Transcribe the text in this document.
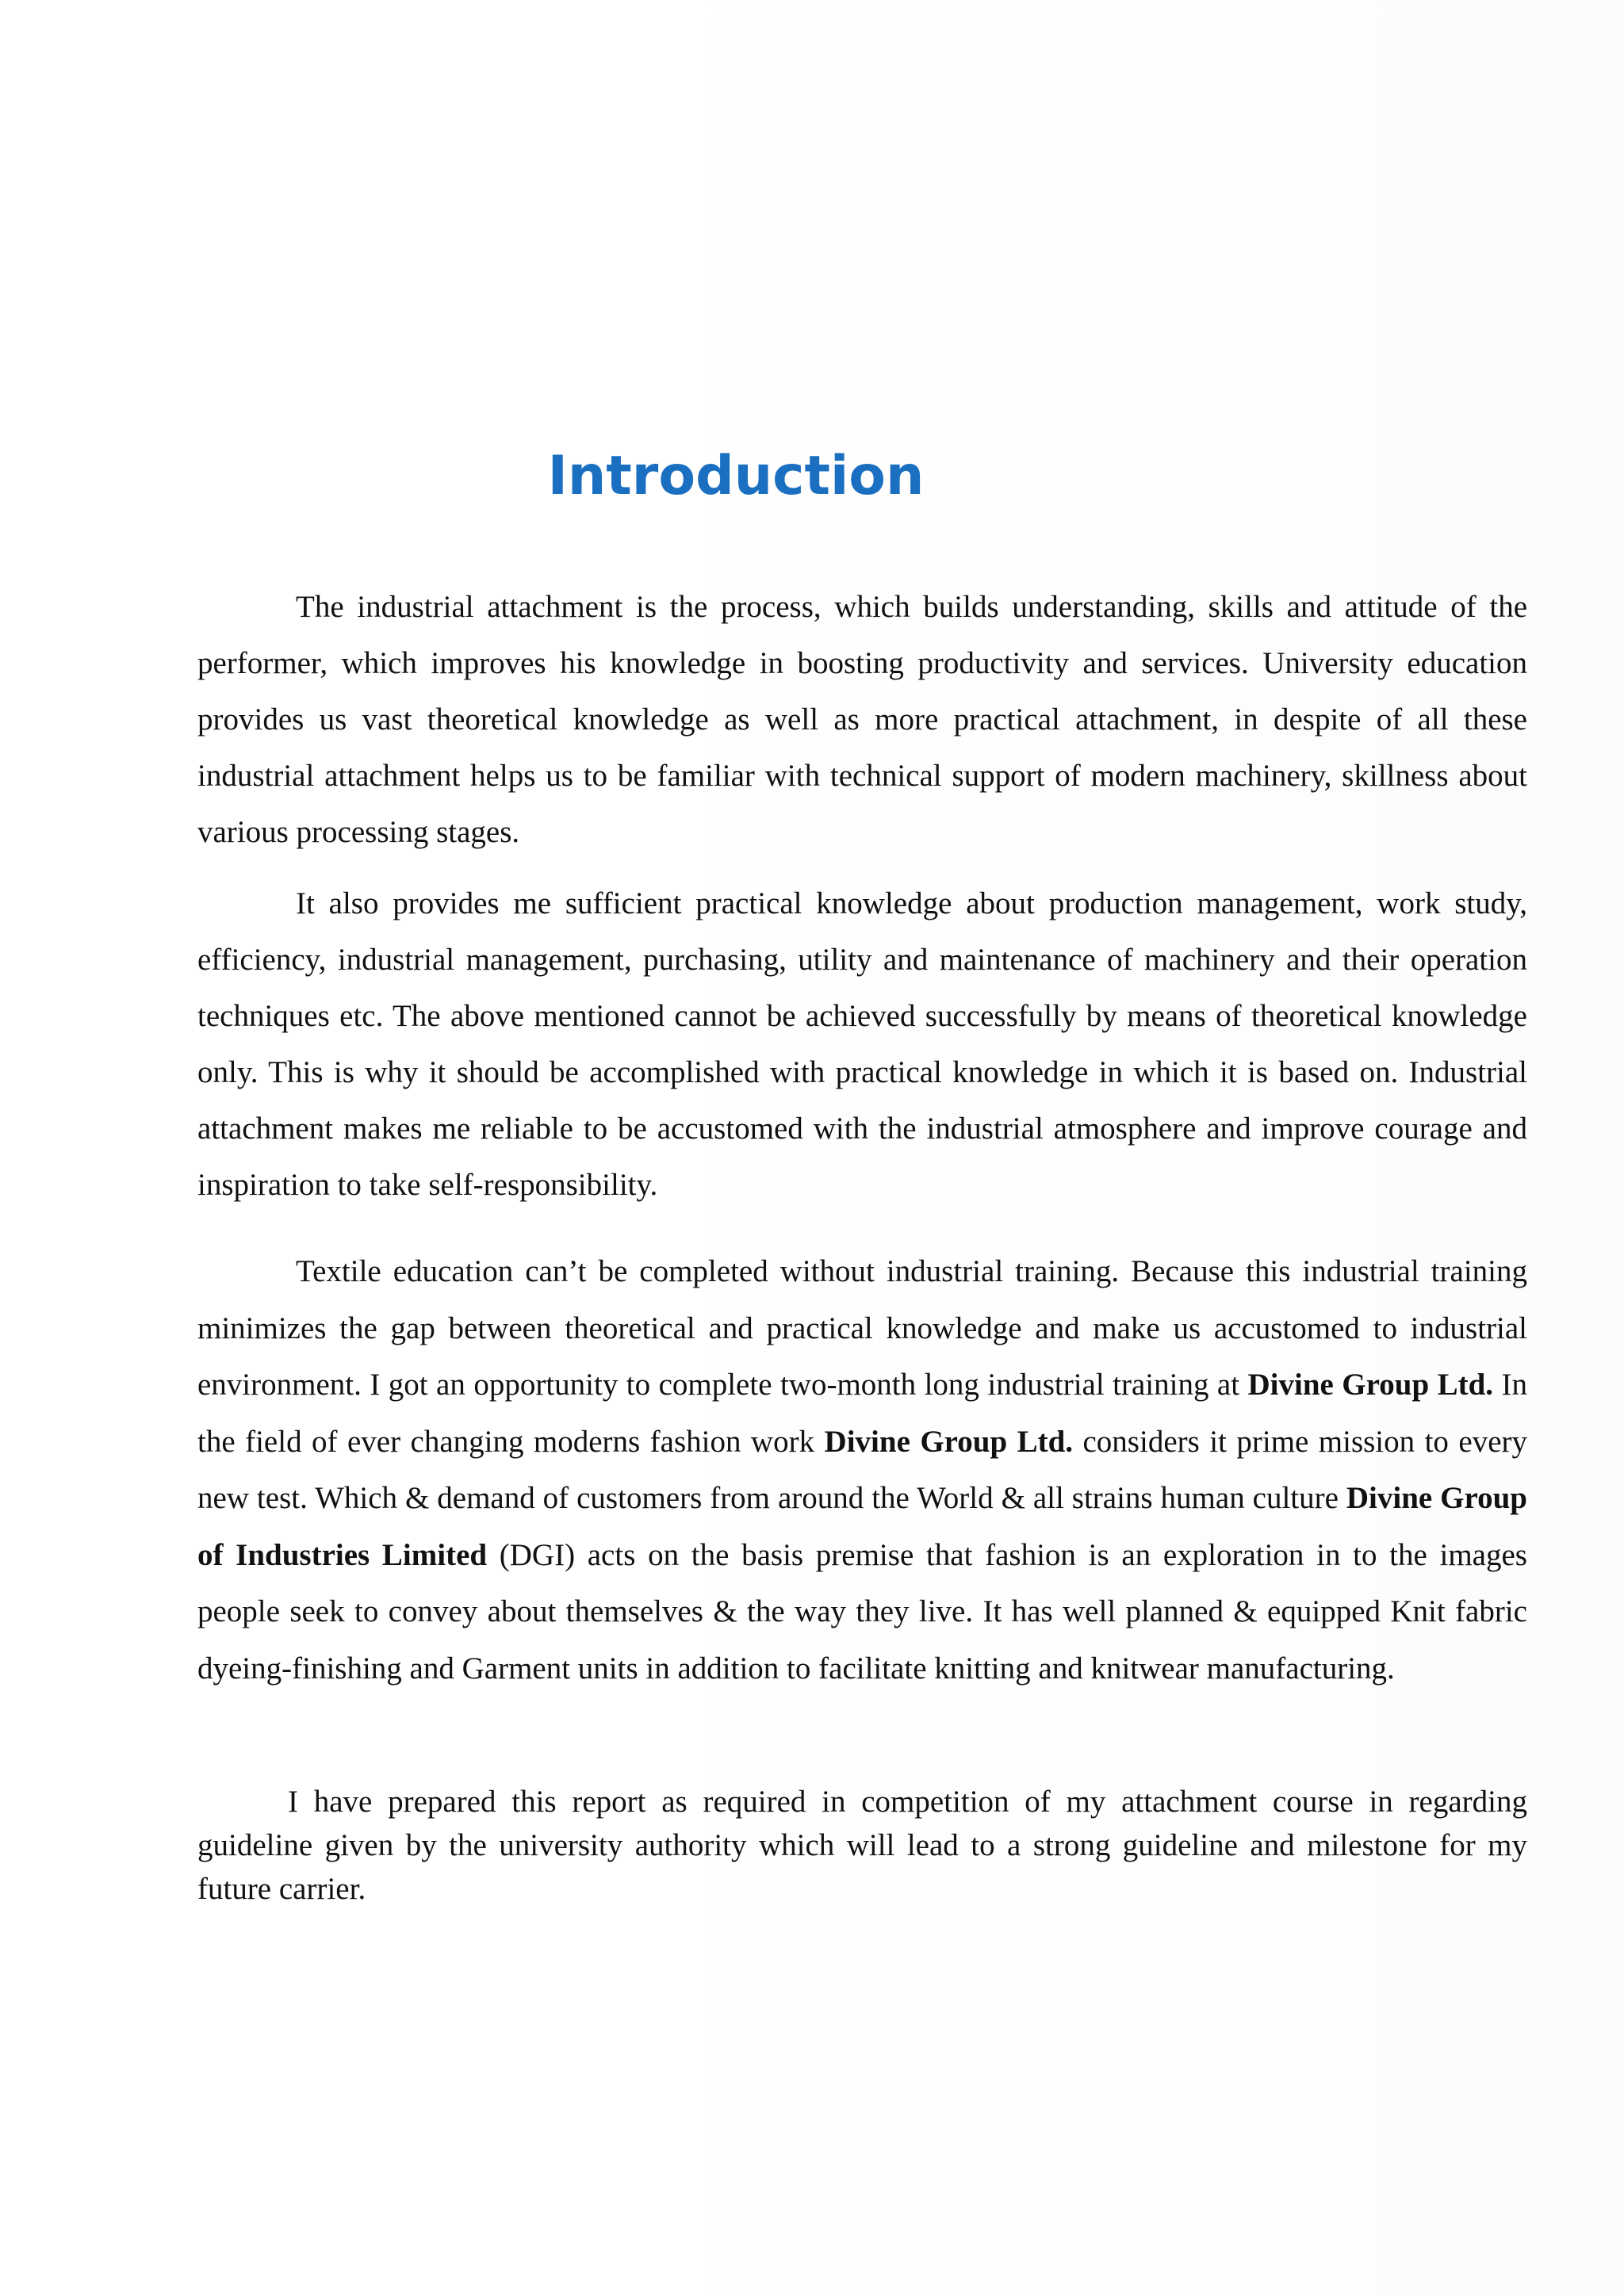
Introduction

The industrial attachment is the process, which builds understanding, skills and attitude of the performer, which improves his knowledge in boosting productivity and services. University education provides us vast theoretical knowledge as well as more practical attachment, in despite of all these industrial attachment helps us to be familiar with technical support of modern machinery, skillness about various processing stages.

It also provides me sufficient practical knowledge about production management, work study, efficiency, industrial management, purchasing, utility and maintenance of machinery and their operation techniques etc. The above mentioned cannot be achieved successfully by means of theoretical knowledge only. This is why it should be accomplished with practical knowledge in which it is based on. Industrial attachment makes me reliable to be accustomed with the industrial atmosphere and improve courage and inspiration to take self-responsibility.

Textile education can’t be completed without industrial training. Because this industrial training minimizes the gap between theoretical and practical knowledge and make us accustomed to industrial environment. I got an opportunity to complete two-month long industrial training at Divine Group Ltd. In the field of ever changing moderns fashion work Divine Group Ltd. considers it prime mission to every new test. Which & demand of customers from around the World & all strains human culture Divine Group of Industries Limited (DGI) acts on the basis premise that fashion is an exploration in to the images people seek to convey about themselves & the way they live. It has well planned & equipped Knit fabric dyeing-finishing and Garment units in addition to facilitate knitting and knitwear manufacturing.

I have prepared this report as required in competition of my attachment course in regarding guideline given by the university authority which will lead to a strong guideline and milestone for my future carrier.
